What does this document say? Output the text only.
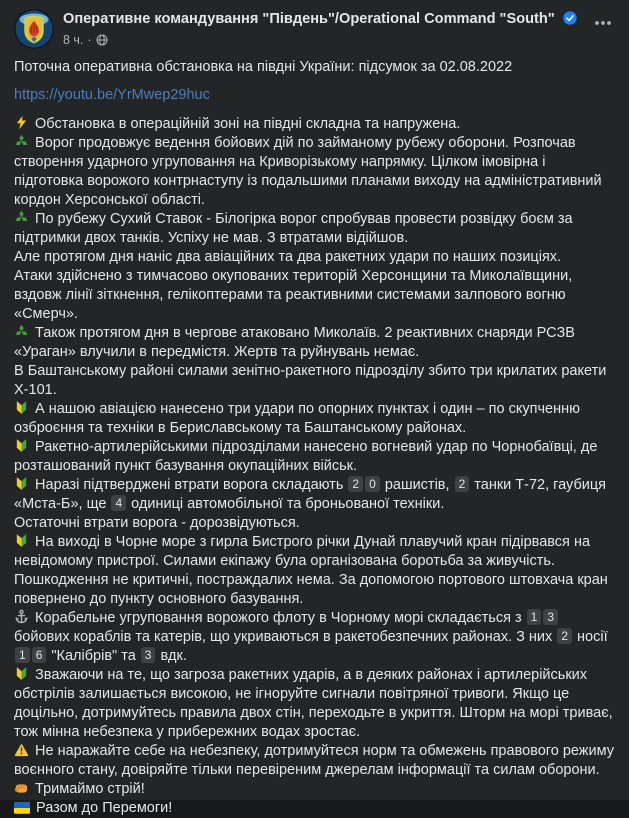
Оперативне командування "Південь"/Operational Command "South"
8 ч. ·
Поточна оперативна обстановка на півдні України: підсумок за 02.08.2022
https://youtu.be/YrMwep29huc

Обстановка в операційній зоні на півдні складна та напружена.

Ворог продовжує ведення бойових дій по займаному рубежу оборони. Розпочав створення ударного угруповання на Криворізькому напрямку. Цілком імовірна і підготовка ворожого контрнаступу із подальшими планами виходу на адміністративний кордон Херсонської області.

По рубежу Сухий Ставок - Білогірка ворог спробував провести розвідку боєм за підтримки двох танків. Успіху не мав. З втратами відійшов.

Але протягом дня наніс два авіаційних та два ракетних удари по наших позиціях.

Атаки здійснено з тимчасово окупованих територій Херсонщини та Миколаївщини, вздовж лінії зіткнення, гелікоптерами та реактивними системами залпового вогню «Смерч».

Також протягом дня в чергове атаковано Миколаїв. 2 реактивних снаряди РСЗВ «Ураган» влучили в передмістя. Жертв та руйнувань немає.

В Баштанському районі силами зенітно-ракетного підрозділу збито три крилатих ракети Х-101.

А нашою авіацією нанесено три удари по опорних пунктах і один – по скупченню озброєння та техніки в Бериславському та Баштанському районах.

Ракетно-артилерійськими підрозділами нанесено вогневий удар по Чорнобаївці, де розташований пункт базування окупаційних військ.

Наразі підтверджені втрати ворога складають 2 0 рашистів, 2 танки Т-72, гаубиця «Мста-Б», ще 4 одиниці автомобільної та броньованої техніки.

Остаточні втрати ворога - дорозвідуються.

На виході в Чорне море з гирла Бистрого річки Дунай плавучий кран підірвався на невідомому пристрої. Силами екіпажу була організована боротьба за живучість.

Пошкодження не критичні, постраждалих нема. За допомогою портового штовхача кран повернено до пункту основного базування.

Корабельне угруповання ворожого флоту в Чорному морі складається з 1 3 бойових кораблів та катерів, що укриваються в ракетобезпечних районах. З них 2 носії 1 6 "Калібрів" та 3 вдк.

Зважаючи на те, що загроза ракетних ударів, а в деяких районах і артилерійських обстрілів залишається високою, не ігноруйте сигнали повітряної тривоги. Якщо це доцільно, дотримуйтесь правила двох стін, переходьте в укриття. Шторм на морі триває, тож мінна небезпека у прибережних водах зростає.

Не наражайте себе на небезпеку, дотримуйтеся норм та обмежень правового режиму воєнного стану, довіряйте тільки перевіреним джерелам інформації та силам оборони.

Тримаймо стрій!

Разом до Перемоги!
